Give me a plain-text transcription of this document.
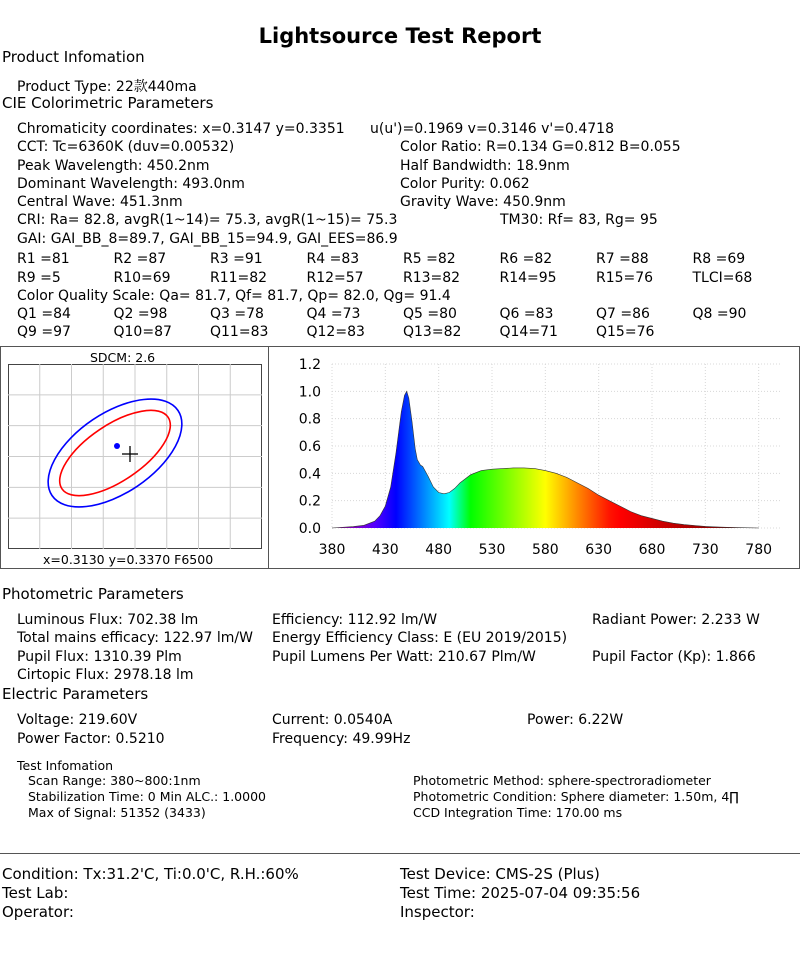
Lightsource Test Report
Product Infomation
Product Type: 22款440ma
CIE Colorimetric Parameters
Chromaticity coordinates: x=0.3147 y=0.3351 u(u')=0.1969 v=0.3146 v'=0.4718
CCT: Tc=6360K (duv=0.00532)	Color Ratio: R=0.134 G=0.812 B=0.055
Peak Wavelength: 450.2nm	Half Bandwidth: 18.9nm
Dominant Wavelength: 493.0nm	Color Purity: 0.062
Central Wave: 451.3nm	Gravity Wave: 450.9nm
CRI: Ra= 82.8, avgR(1~14)= 75.3, avgR(1~15)= 75.3	TM30: Rf= 83, Rg= 95
GAI: GAI_BB_8=89.7, GAI_BB_15=94.9, GAI_EES=86.9
R1 =81	R2 =87	R3 =91	R4 =83	R5 =82	R6 =82	R7 =88	R8 =69
R9 =5	R10=69	R11=82	R12=57	R13=82	R14=95	R15=76	TLCI=68
Color Quality Scale: Qa= 81.7, Qf= 81.7, Qp= 82.0, Qg= 91.4
Q1 =84	Q2 =98	Q3 =78	Q4 =73	Q5 =80	Q6 =83	Q7 =86	Q8 =90
Q9 =97	Q10=87	Q11=83	Q12=83	Q13=82	Q14=71	Q15=76
SDCM: 2.6
x=0.3130 y=0.3370 F6500
380 430 480 530 580 630 680 730 780
0.0
0.2
0.4
0.6
0.8
1.0
1.2
Photometric Parameters
Luminous Flux: 702.38 lm	Efficiency: 112.92 lm/W	Radiant Power: 2.233 W
Total mains efficacy: 122.97 lm/W Energy Efficiency Class: E (EU 2019/2015)
Pupil Flux: 1310.39 Plm	Pupil Lumens Per Watt: 210.67 Plm/W	Pupil Factor (Kp): 1.866
Cirtopic Flux: 2978.18 lm
Electric Parameters
Voltage: 219.60V	Current: 0.0540A	Power: 6.22W
Power Factor: 0.5210	Frequency: 49.99Hz
Test Infomation
Scan Range: 380~800:1nm
Stabilization Time: 0 Min ALC.: 1.0000
Max of Signal: 51352 (3433)
Photometric Method: sphere-spectroradiometer
Photometric Condition: Sphere diameter: 1.50m, 4∏
CCD Integration Time: 170.00 ms
Condition: Tx:31.2'C, Ti:0.0'C, R.H.:60%	Test Device: CMS-2S (Plus)
Test Lab:	Test Time: 2025-07-04 09:35:56
Operator:	Inspector:
